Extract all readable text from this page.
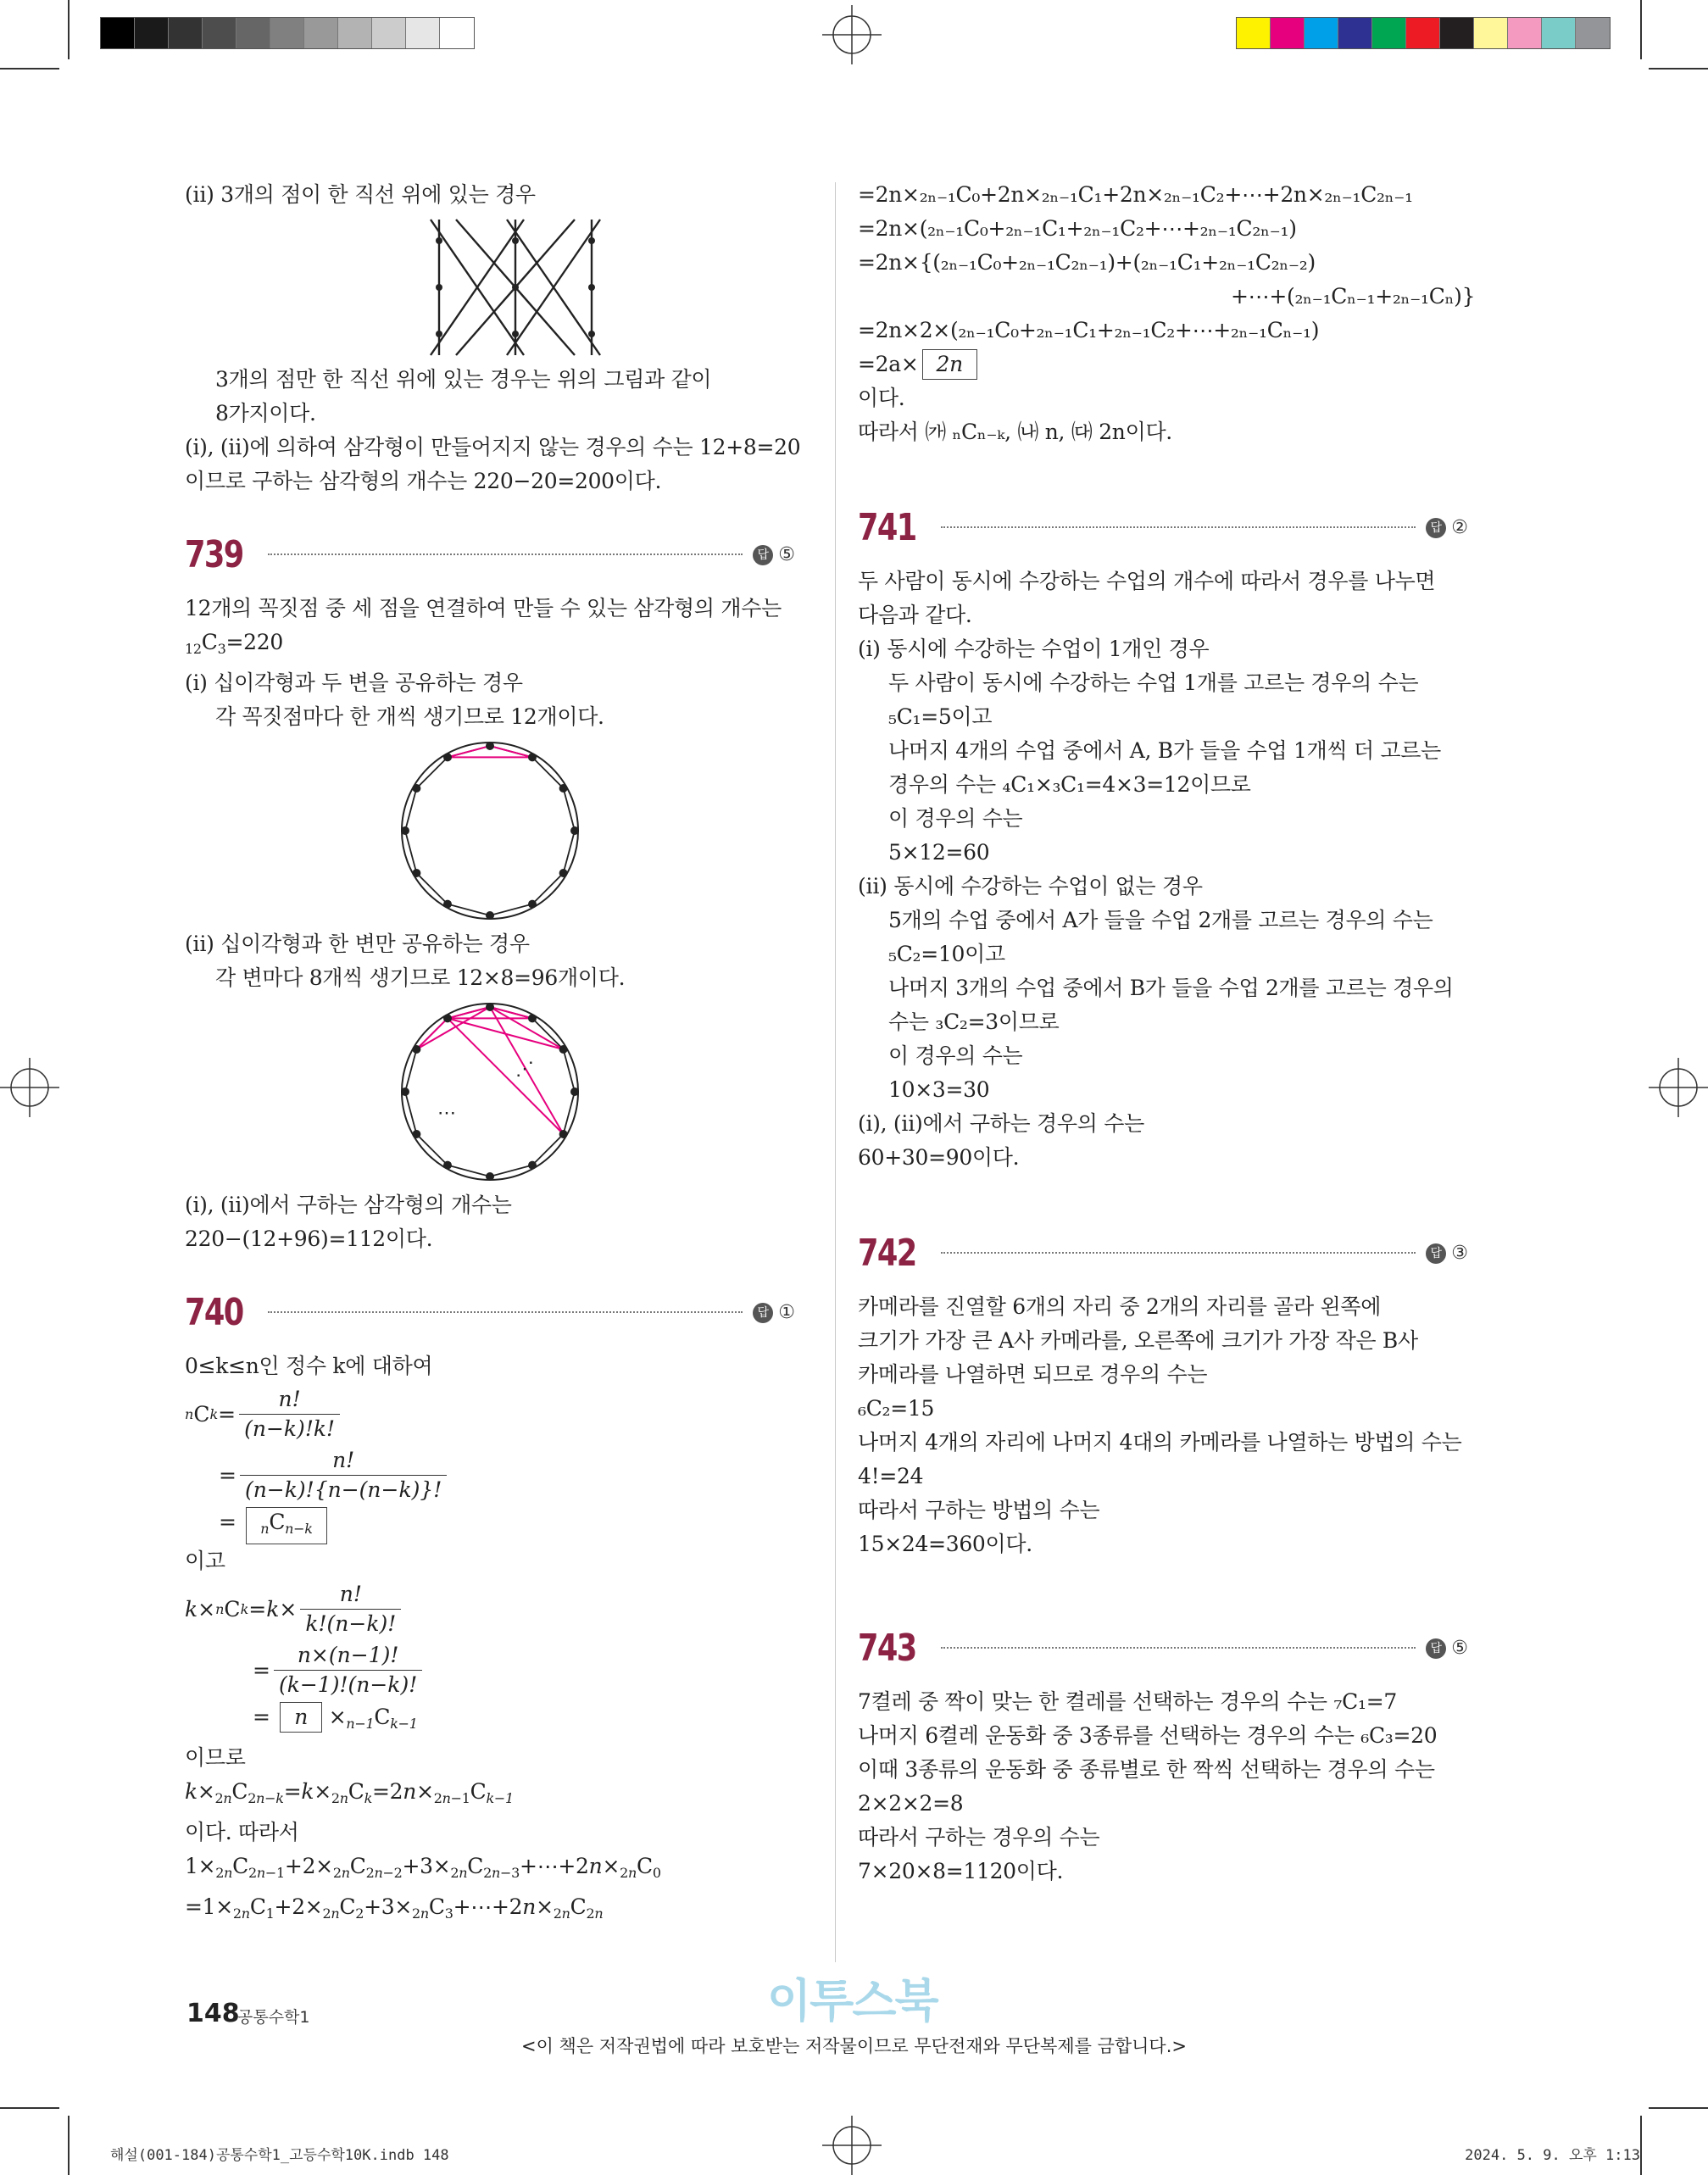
(ⅱ) 3개의 점이 한 직선 위에 있는 경우
3개의 점만 한 직선 위에 있는 경우는 위의 그림과 같이
8가지이다.
(ⅰ), (ⅱ)에 의하여 삼각형이 만들어지지 않는 경우의 수는 12+8=20
이므로 구하는 삼각형의 개수는 220−20=200이다.
739	답 ⑤
12개의 꼭짓점 중 세 점을 연결하여 만들 수 있는 삼각형의 개수는
$_{12}C_3=220$
(ⅰ) 십이각형과 두 변을 공유하는 경우
각 꼭짓점마다 한 개씩 생기므로 12개이다.
(ⅱ) 십이각형과 한 변만 공유하는 경우
각 변마다 8개씩 생기므로 12×8=96개이다.
⋰
⋯
(ⅰ), (ⅱ)에서 구하는 삼각형의 개수는
220−(12+96)=112이다.
740	답 ①
0≤k≤n인 정수 k에 대하여
n C $k = \frac{n!}{(n-k)!k!}$
= $\frac{n!}{(n-k)!\{n-(n-k)\}!}$
= $_nC_{n-k}$
이고
k × n C $k = k\times \frac{n!}{k!(n-k)!}$
= $\frac{n\times(n-1)!}{(k-1)!(n-k)!}$
= $n \times_{n-1}C_{k-1}$
이므로
$k\times_{2n}C_{2n-k}=k\times_{2n}C_k=2n\times_{2n-1}C_{k-1}$
이다. 따라서
$1\times_{2n}C_{2n-1}+2\times_{2n}C_{2n-2}+3\times_{2n}C_{2n-3}+\cdots+2n\times_{2n}C_0$
$=1\times_{2n}C_1+2\times_{2n}C_2+3\times_{2n}C_3+\cdots+2n\times_{2n}C_{2n}$
=2n×₂ₙ₋₁C₀+2n×₂ₙ₋₁C₁+2n×₂ₙ₋₁C₂+⋯+2n×₂ₙ₋₁C₂ₙ₋₁
=2n×(₂ₙ₋₁C₀+₂ₙ₋₁C₁+₂ₙ₋₁C₂+⋯+₂ₙ₋₁C₂ₙ₋₁)
=2n×{(₂ₙ₋₁C₀+₂ₙ₋₁C₂ₙ₋₁)+(₂ₙ₋₁C₁+₂ₙ₋₁C₂ₙ₋₂)
+⋯+(₂ₙ₋₁Cₙ₋₁+₂ₙ₋₁Cₙ)}
=2n×2×(₂ₙ₋₁C₀+₂ₙ₋₁C₁+₂ₙ₋₁C₂+⋯+₂ₙ₋₁Cₙ₋₁)
=2a× 2n
이다.
따라서 ㈎ ₙCₙ₋ₖ, ㈏ n, ㈐ 2n이다.
741	답 ②
두 사람이 동시에 수강하는 수업의 개수에 따라서 경우를 나누면
다음과 같다.
(ⅰ) 동시에 수강하는 수업이 1개인 경우
두 사람이 동시에 수강하는 수업 1개를 고르는 경우의 수는
₅C₁=5이고
나머지 4개의 수업 중에서 A, B가 들을 수업 1개씩 더 고르는
경우의 수는 ₄C₁×₃C₁=4×3=12이므로
이 경우의 수는
5×12=60
(ⅱ) 동시에 수강하는 수업이 없는 경우
5개의 수업 중에서 A가 들을 수업 2개를 고르는 경우의 수는
₅C₂=10이고
나머지 3개의 수업 중에서 B가 들을 수업 2개를 고르는 경우의
수는 ₃C₂=3이므로
이 경우의 수는
10×3=30
(ⅰ), (ⅱ)에서 구하는 경우의 수는
60+30=90이다.
742	답 ③
카메라를 진열할 6개의 자리 중 2개의 자리를 골라 왼쪽에
크기가 가장 큰 A사 카메라를, 오른쪽에 크기가 가장 작은 B사
카메라를 나열하면 되므로 경우의 수는
₆C₂=15
나머지 4개의 자리에 나머지 4대의 카메라를 나열하는 방법의 수는
4!=24
따라서 구하는 방법의 수는
15×24=360이다.
743	답 ⑤
7켤레 중 짝이 맞는 한 켤레를 선택하는 경우의 수는 ₇C₁=7
나머지 6켤레 운동화 중 3종류를 선택하는 경우의 수는 ₆C₃=20
이때 3종류의 운동화 중 종류별로 한 짝씩 선택하는 경우의 수는
2×2×2=8
따라서 구하는 경우의 수는
7×20×8=1120이다.
148
공통수학1	이투스북
<이 책은 저작권법에 따라 보호받는 저작물이므로 무단전재와 무단복제를 금합니다.>
해설(001-184)공통수학1_고등수학10K.indb 148	2024. 5. 9. 오후 1:13
